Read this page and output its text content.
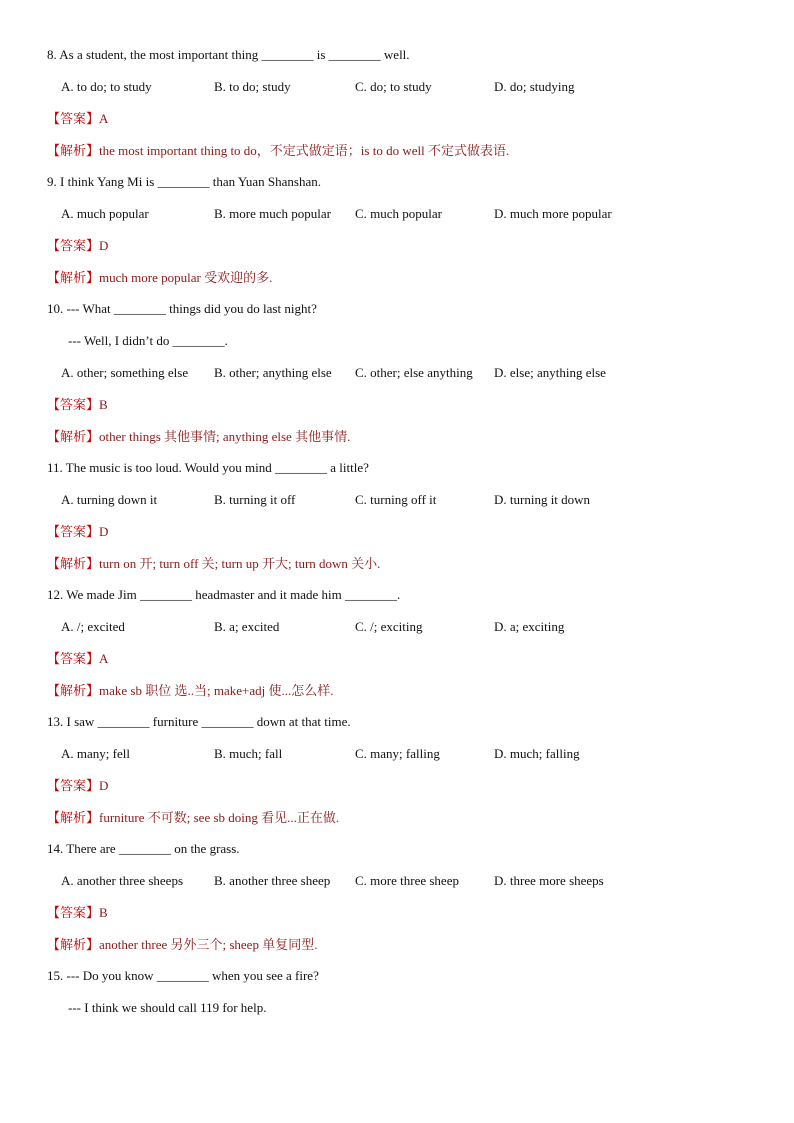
8. As a student, the most important thing ________ is ________ well.
A. to do; to study	B. to do; study	C. do; to study	D. do; studying
【答案】A
【解析】the most important thing to do，不定式做定语；is to do well 不定式做表语.
9. I think Yang Mi is ________ than Yuan Shanshan.
A. much popular	B. more much popular C. much popular	D. much more popular
【答案】D
【解析】much more popular 受欢迎的多.
10. --- What ________ things did you do last night?
--- Well, I didn’t do ________.
A. other; something else B. other; anything else C. other; else anything D. else; anything else
【答案】B
【解析】other things 其他事情; anything else 其他事情.
11. The music is too loud. Would you mind ________ a little?
A. turning down it	B. turning it off	C. turning off it	D. turning it down
【答案】D
【解析】turn on 开; turn off 关; turn up 开大; turn down 关小.
12. We made Jim ________ headmaster and it made him ________.
A. /; excited	B. a; excited	C. /; exciting	D. a; exciting
【答案】A
【解析】make sb 职位 选..当; make+adj 使...怎么样.
13. I saw ________ furniture ________ down at that time.
A. many; fell	B. much; fall	C. many; falling	D. much; falling
【答案】D
【解析】furniture 不可数; see sb doing 看见...正在做.
14. There are ________ on the grass.
A. another three sheeps B. another three sheep C. more three sheep	D. three more sheeps
【答案】B
【解析】another three 另外三个; sheep 单复同型.
15. --- Do you know ________ when you see a fire?
--- I think we should call 119 for help.
